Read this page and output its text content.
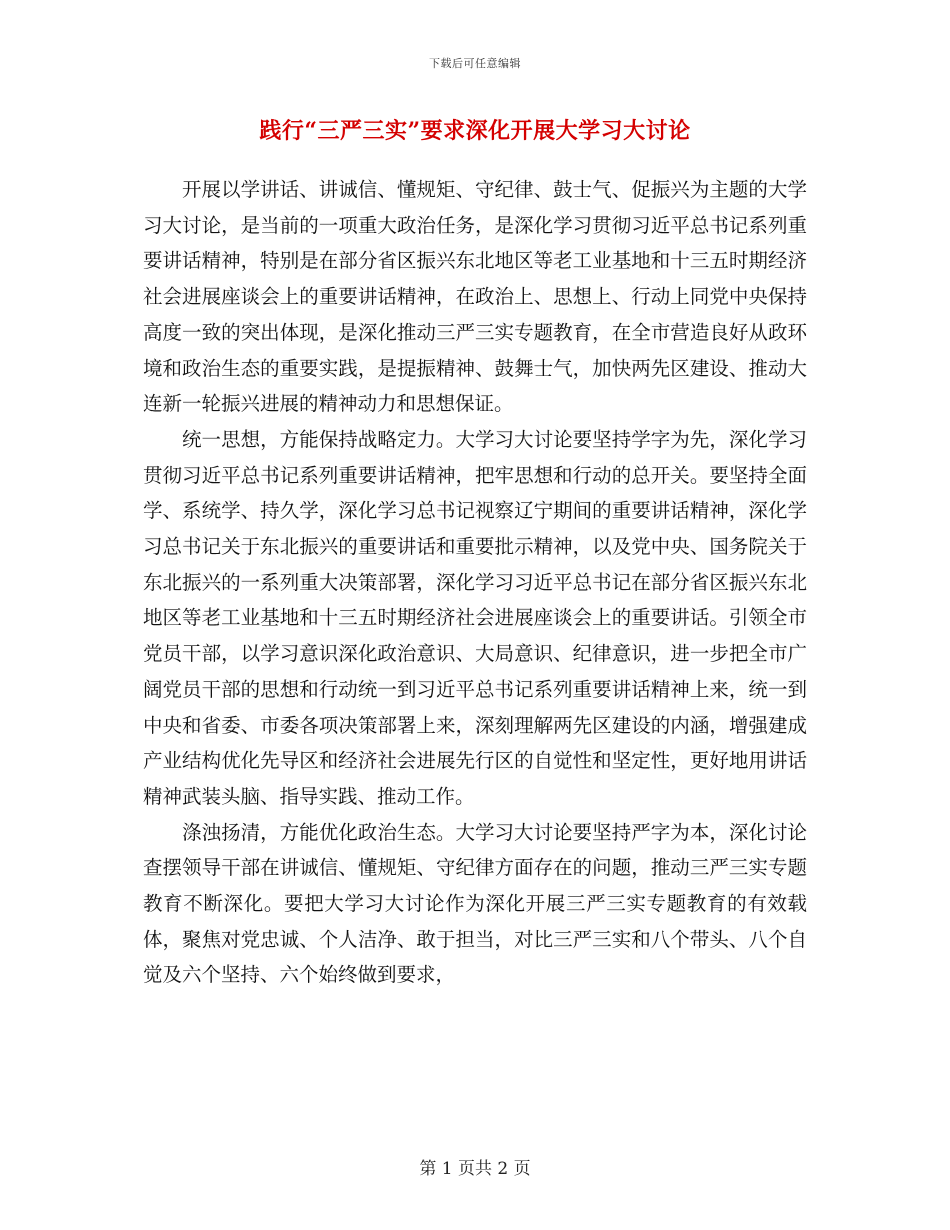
下载后可任意编辑
践行“三严三实”要求深化开展大学习大讨论

开展以学讲话、讲诚信、懂规矩、守纪律、鼓士气、促振兴为主题的大学习大讨论，是当前的一项重大政治任务，是深化学习贯彻习近平总书记系列重要讲话精神，特别是在部分省区振兴东北地区等老工业基地和十三五时期经济社会进展座谈会上的重要讲话精神，在政治上、思想上、行动上同党中央保持高度一致的突出体现，是深化推动三严三实专题教育，在全市营造良好从政环境和政治生态的重要实践，是提振精神、鼓舞士气，加快两先区建设、推动大连新一轮振兴进展的精神动力和思想保证。

统一思想，方能保持战略定力。大学习大讨论要坚持学字为先，深化学习贯彻习近平总书记系列重要讲话精神，把牢思想和行动的总开关。要坚持全面学、系统学、持久学，深化学习总书记视察辽宁期间的重要讲话精神，深化学习总书记关于东北振兴的重要讲话和重要批示精神，以及党中央、国务院关于东北振兴的一系列重大决策部署，深化学习习近平总书记在部分省区振兴东北地区等老工业基地和十三五时期经济社会进展座谈会上的重要讲话。引领全市党员干部，以学习意识深化政治意识、大局意识、纪律意识，进一步把全市广阔党员干部的思想和行动统一到习近平总书记系列重要讲话精神上来，统一到中央和省委、市委各项决策部署上来，深刻理解两先区建设的内涵，增强建成产业结构优化先导区和经济社会进展先行区的自觉性和坚定性，更好地用讲话精神武装头脑、指导实践、推动工作。

涤浊扬清，方能优化政治生态。大学习大讨论要坚持严字为本，深化讨论查摆领导干部在讲诚信、懂规矩、守纪律方面存在的问题，推动三严三实专题教育不断深化。要把大学习大讨论作为深化开展三严三实专题教育的有效载体，聚焦对党忠诚、个人洁净、敢于担当，对比三严三实和八个带头、八个自觉及六个坚持、六个始终做到要求，

第 1 页共 2 页
